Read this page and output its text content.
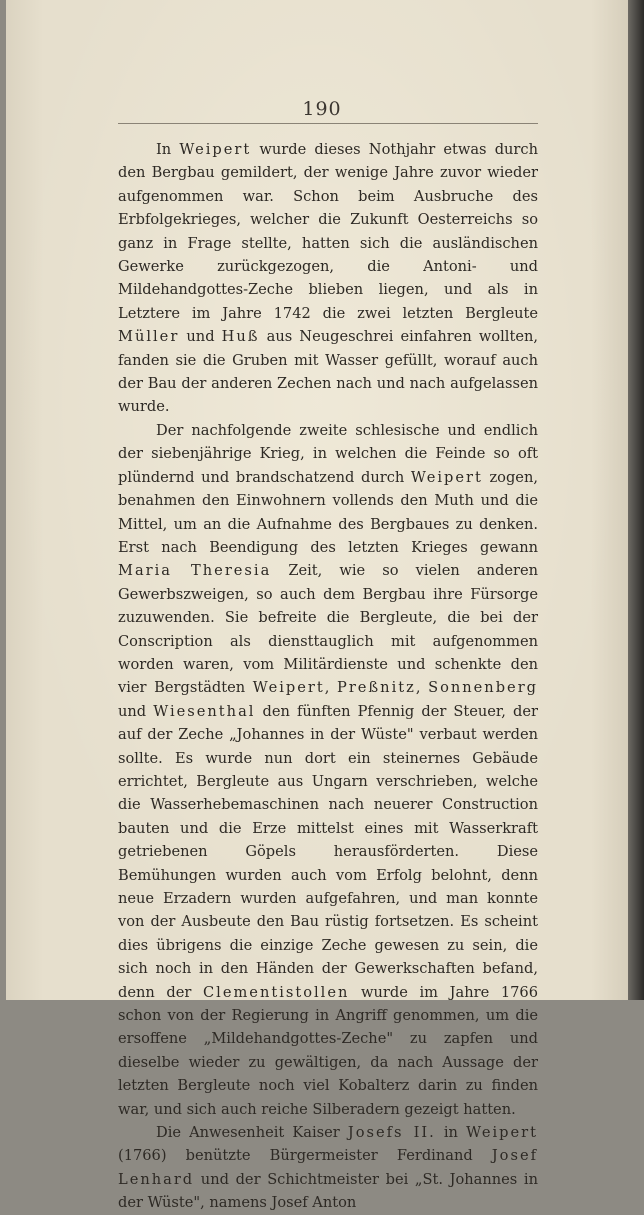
190

In Weipert wurde dieses Nothjahr etwas durch den Bergbau gemildert, der wenige Jahre zuvor wieder aufgenommen war. Schon beim Ausbruche des Erbfolgekrieges, welcher die Zukunft Oesterreichs so ganz in Frage stellte, hatten sich die ausländischen Gewerke zurückgezogen, die Antoni- und Mildehandgottes-Zeche blieben liegen, und als in Letztere im Jahre 1742 die zwei letzten Bergleute Müller und Huß aus Neugeschrei einfahren wollten, fanden sie die Gruben mit Wasser gefüllt, worauf auch der Bau der anderen Zechen nach und nach aufgelassen wurde.

Der nachfolgende zweite schlesische und endlich der siebenjährige Krieg, in welchen die Feinde so oft plündernd und brandschatzend durch Weipert zogen, benahmen den Einwohnern vollends den Muth und die Mittel, um an die Aufnahme des Bergbaues zu denken. Erst nach Beendigung des letzten Krieges gewann Maria Theresia Zeit, wie so vielen anderen Gewerbszweigen, so auch dem Bergbau ihre Fürsorge zuzuwenden. Sie befreite die Bergleute, die bei der Conscription als diensttauglich mit aufgenommen worden waren, vom Militärdienste und schenkte den vier Bergstädten Weipert, Preßnitz, Sonnenberg und Wiesenthal den fünften Pfennig der Steuer, der auf der Zeche „Johannes in der Wüste" verbaut werden sollte. Es wurde nun dort ein steinernes Gebäude errichtet, Bergleute aus Ungarn verschrieben, welche die Wasserhebemaschinen nach neuerer Construction bauten und die Erze mittelst eines mit Wasserkraft getriebenen Göpels herausförderten. Diese Bemühungen wurden auch vom Erfolg belohnt, denn neue Erzadern wurden aufgefahren, und man konnte von der Ausbeute den Bau rüstig fortsetzen. Es scheint dies übrigens die einzige Zeche gewesen zu sein, die sich noch in den Händen der Gewerkschaften befand, denn der Clementistollen wurde im Jahre 1766 schon von der Regierung in Angriff genommen, um die ersoffene „Mildehandgottes-Zeche" zu zapfen und dieselbe wieder zu gewältigen, da nach Aussage der letzten Bergleute noch viel Kobalterz darin zu finden war, und sich auch reiche Silberadern gezeigt hatten.

Die Anwesenheit Kaiser Josefs II. in Weipert (1766) benützte Bürgermeister Ferdinand Josef Lenhard und der Schichtmeister bei „St. Johannes in der Wüste", namens Josef Anton
